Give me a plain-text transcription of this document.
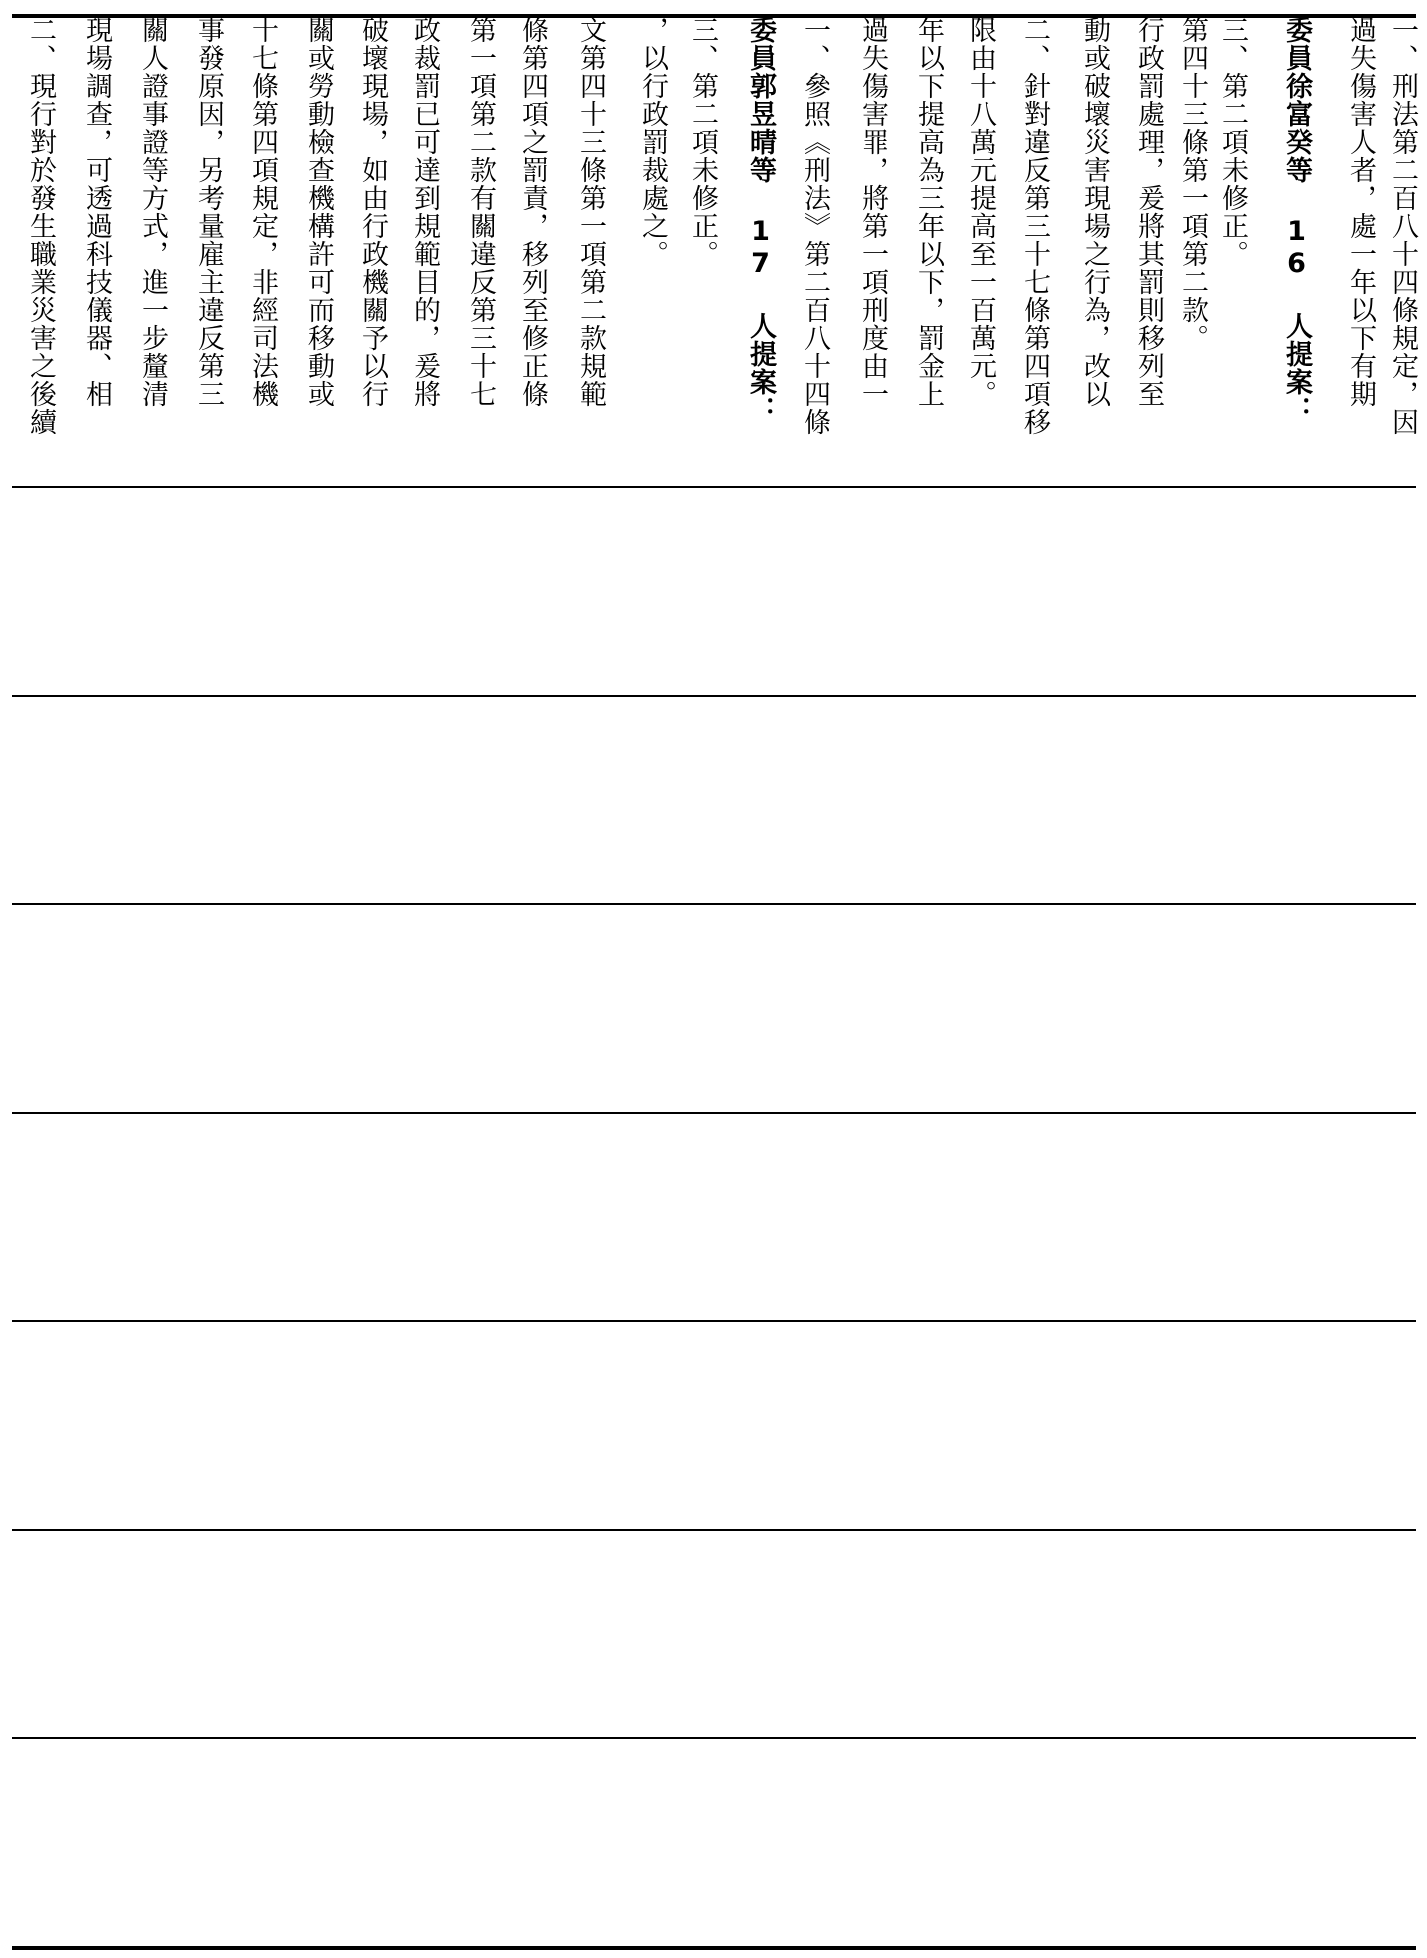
一、刑法第二百八十四條規定，因
過失傷害人者，處一年以下有期
委員徐富癸等 16 人提案：
三、第二項未修正。
第四十三條第一項第二款。
行政罰處理，爰將其罰則移列至
動或破壞災害現場之行為，改以
二、針對違反第三十七條第四項移
限由十八萬元提高至一百萬元。
年以下提高為三年以下，罰金上
過失傷害罪，將第一項刑度由一
一、參照《刑法》第二百八十四條
委員郭昱晴等 17 人提案：
三、第二項未修正。
，以行政罰裁處之。
文第四十三條第一項第二款規範
條第四項之罰責，移列至修正條
第一項第二款有關違反第三十七
政裁罰已可達到規範目的，爰將
破壞現場，如由行政機關予以行
關或勞動檢查機構許可而移動或
十七條第四項規定，非經司法機
事發原因，另考量雇主違反第三
關人證事證等方式，進一步釐清
現場調查，可透過科技儀器、相
二、現行對於發生職業災害之後續
